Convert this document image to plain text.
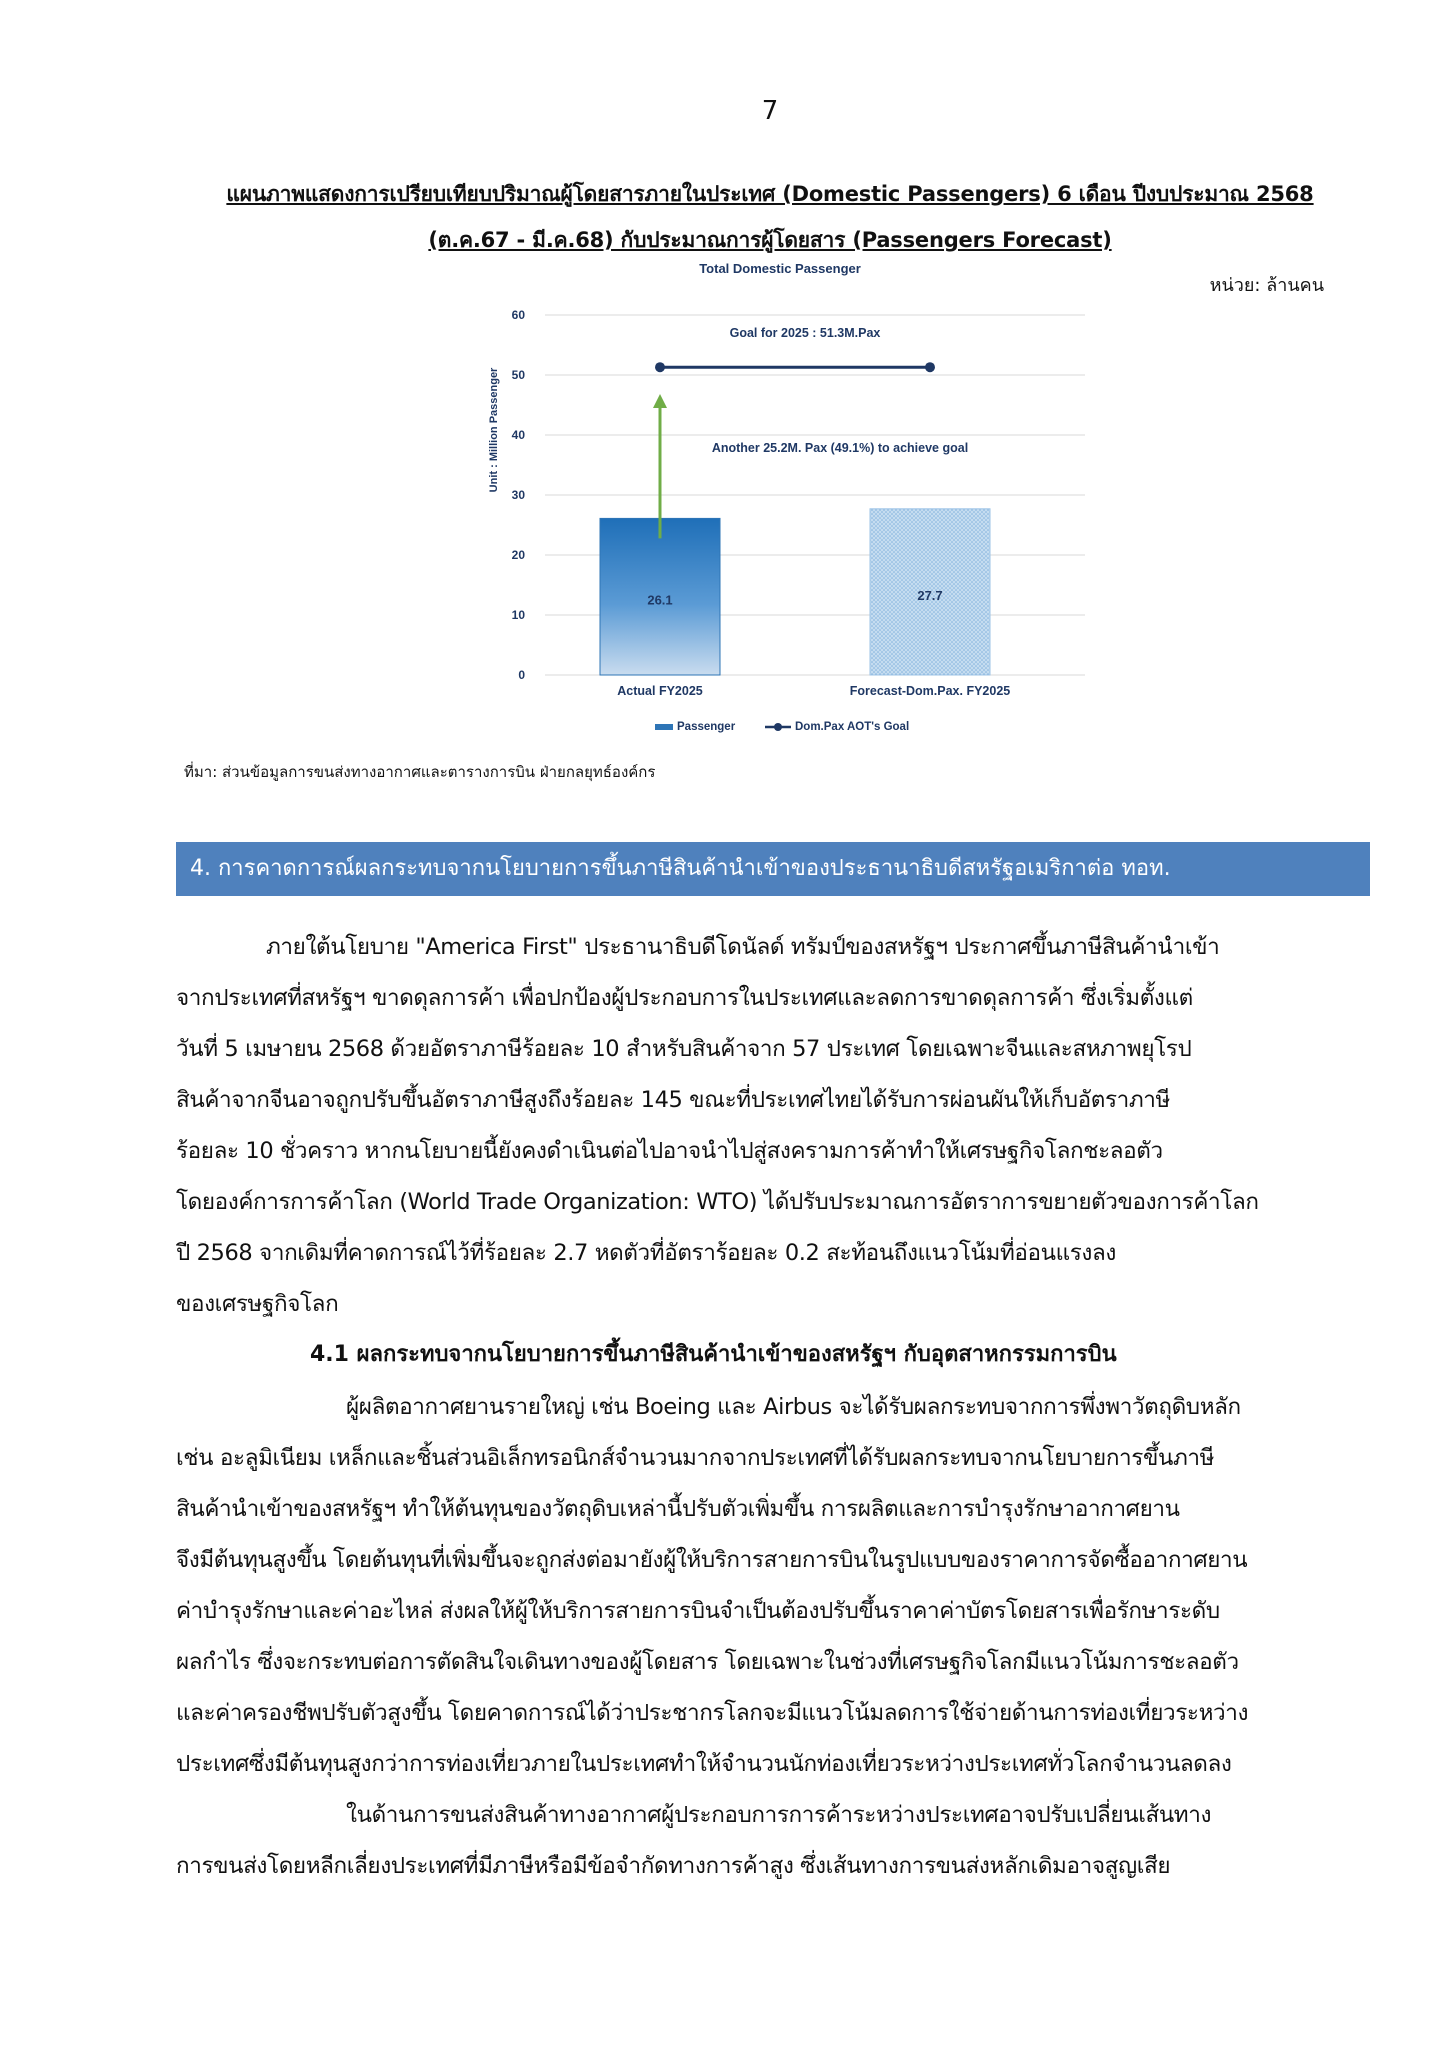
7
แผนภาพแสดงการเปรียบเทียบปริมาณผู้โดยสารภายในประเทศ (Domestic Passengers) 6 เดือน ปีงบประมาณ 2568
(ต.ค.67 - มี.ค.68) กับประมาณการผู้โดยสาร (Passengers Forecast)
หน่วย: ล้านคน
Total Domestic Passenger
Unit : Million Passenger
0
10
20
30
40
50
60
26.1	27.7
Goal for 2025 : 51.3M.Pax
Another 25.2M. Pax (49.1%) to achieve goal
Actual FY2025	Forecast-Dom.Pax. FY2025
Passenger	Dom.Pax AOT's Goal
ที่มา: ส่วนข้อมูลการขนส่งทางอากาศและตารางการบิน ฝ่ายกลยุทธ์องค์กร
4. การคาดการณ์ผลกระทบจากนโยบายการขึ้นภาษีสินค้านำเข้าของประธานาธิบดีสหรัฐอเมริกาต่อ ทอท.
ภายใต้นโยบาย "America First" ประธานาธิบดีโดนัลด์ ทรัมป์ของสหรัฐฯ ประกาศขึ้นภาษีสินค้านำเข้า
จากประเทศที่สหรัฐฯ ขาดดุลการค้า เพื่อปกป้องผู้ประกอบการในประเทศและลดการขาดดุลการค้า ซึ่งเริ่มตั้งแต่
วันที่ 5 เมษายน 2568 ด้วยอัตราภาษีร้อยละ 10 สำหรับสินค้าจาก 57 ประเทศ โดยเฉพาะจีนและสหภาพยุโรป
สินค้าจากจีนอาจถูกปรับขึ้นอัตราภาษีสูงถึงร้อยละ 145 ขณะที่ประเทศไทยได้รับการผ่อนผันให้เก็บอัตราภาษี
ร้อยละ 10 ชั่วคราว หากนโยบายนี้ยังคงดำเนินต่อไปอาจนำไปสู่สงครามการค้าทำให้เศรษฐกิจโลกชะลอตัว
โดยองค์การการค้าโลก (World Trade Organization: WTO) ได้ปรับประมาณการอัตราการขยายตัวของการค้าโลก
ปี 2568 จากเดิมที่คาดการณ์ไว้ที่ร้อยละ 2.7 หดตัวที่อัตราร้อยละ 0.2 สะท้อนถึงแนวโน้มที่อ่อนแรงลง
ของเศรษฐกิจโลก
4.1 ผลกระทบจากนโยบายการขึ้นภาษีสินค้านำเข้าของสหรัฐฯ กับอุตสาหกรรมการบิน
ผู้ผลิตอากาศยานรายใหญ่ เช่น Boeing และ Airbus จะได้รับผลกระทบจากการพึ่งพาวัตถุดิบหลัก
เช่น อะลูมิเนียม เหล็กและชิ้นส่วนอิเล็กทรอนิกส์จำนวนมากจากประเทศที่ได้รับผลกระทบจากนโยบายการขึ้นภาษี
สินค้านำเข้าของสหรัฐฯ ทำให้ต้นทุนของวัตถุดิบเหล่านี้ปรับตัวเพิ่มขึ้น การผลิตและการบำรุงรักษาอากาศยาน
จึงมีต้นทุนสูงขึ้น โดยต้นทุนที่เพิ่มขึ้นจะถูกส่งต่อมายังผู้ให้บริการสายการบินในรูปแบบของราคาการจัดซื้ออากาศยาน
ค่าบำรุงรักษาและค่าอะไหล่ ส่งผลให้ผู้ให้บริการสายการบินจำเป็นต้องปรับขึ้นราคาค่าบัตรโดยสารเพื่อรักษาระดับ
ผลกำไร ซึ่งจะกระทบต่อการตัดสินใจเดินทางของผู้โดยสาร โดยเฉพาะในช่วงที่เศรษฐกิจโลกมีแนวโน้มการชะลอตัว
และค่าครองชีพปรับตัวสูงขึ้น โดยคาดการณ์ได้ว่าประชากรโลกจะมีแนวโน้มลดการใช้จ่ายด้านการท่องเที่ยวระหว่าง
ประเทศซึ่งมีต้นทุนสูงกว่าการท่องเที่ยวภายในประเทศทำให้จำนวนนักท่องเที่ยวระหว่างประเทศทั่วโลกจำนวนลดลง
ในด้านการขนส่งสินค้าทางอากาศผู้ประกอบการการค้าระหว่างประเทศอาจปรับเปลี่ยนเส้นทาง
การขนส่งโดยหลีกเลี่ยงประเทศที่มีภาษีหรือมีข้อจำกัดทางการค้าสูง ซึ่งเส้นทางการขนส่งหลักเดิมอาจสูญเสีย
